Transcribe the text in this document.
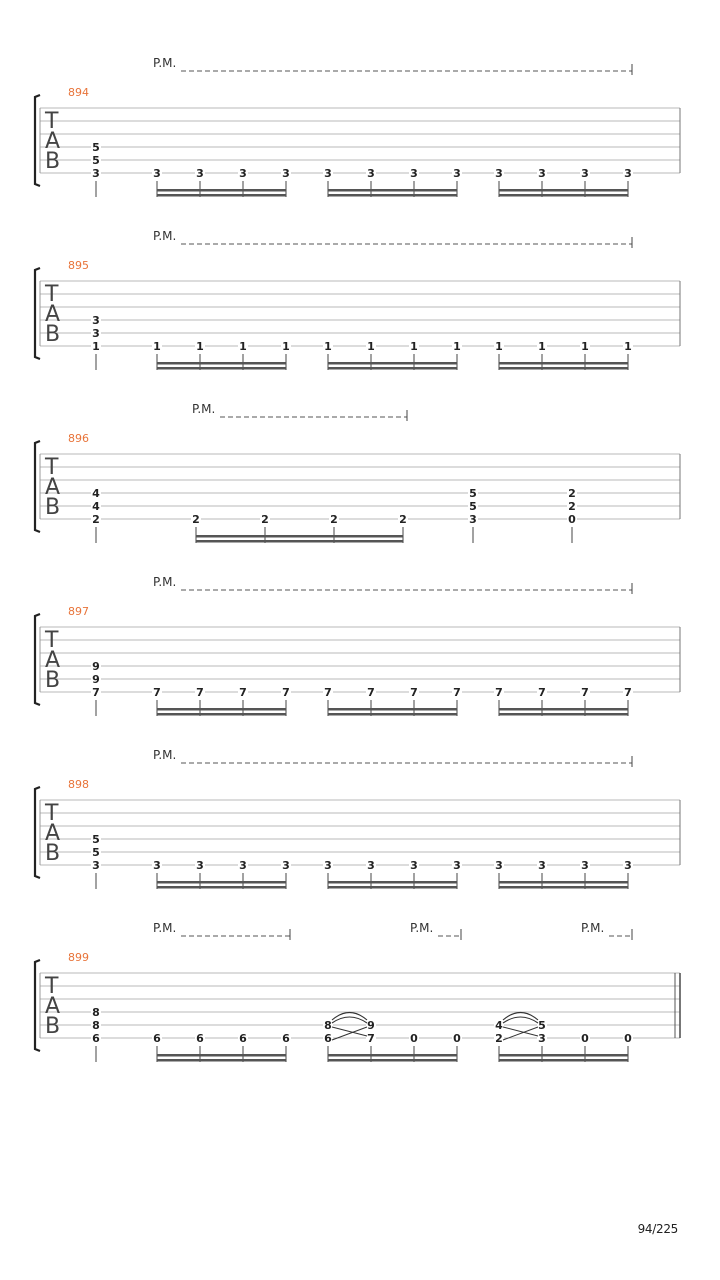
894
T
A
B
P.M.
5
5
3	3	3	3	3	3	3	3	3	3	3	3	3
895
T
A
B
P.M.
3
3
1	1	1	1	1	1	1	1	1	1	1	1	1
896
T
A
B
P.M.
4
4
2	2	2	2	2
5
5
3
2
2
0
897
T
A
B
P.M.
9
9
7	7	7	7	7	7	7	7	7	7	7	7	7
898
T
A
B
P.M.
5
5
3	3	3	3	3	3	3	3	3	3	3	3	3
899
T
A
B
P.M.	P.M.	P.M.
8
8
6	6	6	6	6
8
6
9
7	0	0
4
2
5
3	0	0
94/225
